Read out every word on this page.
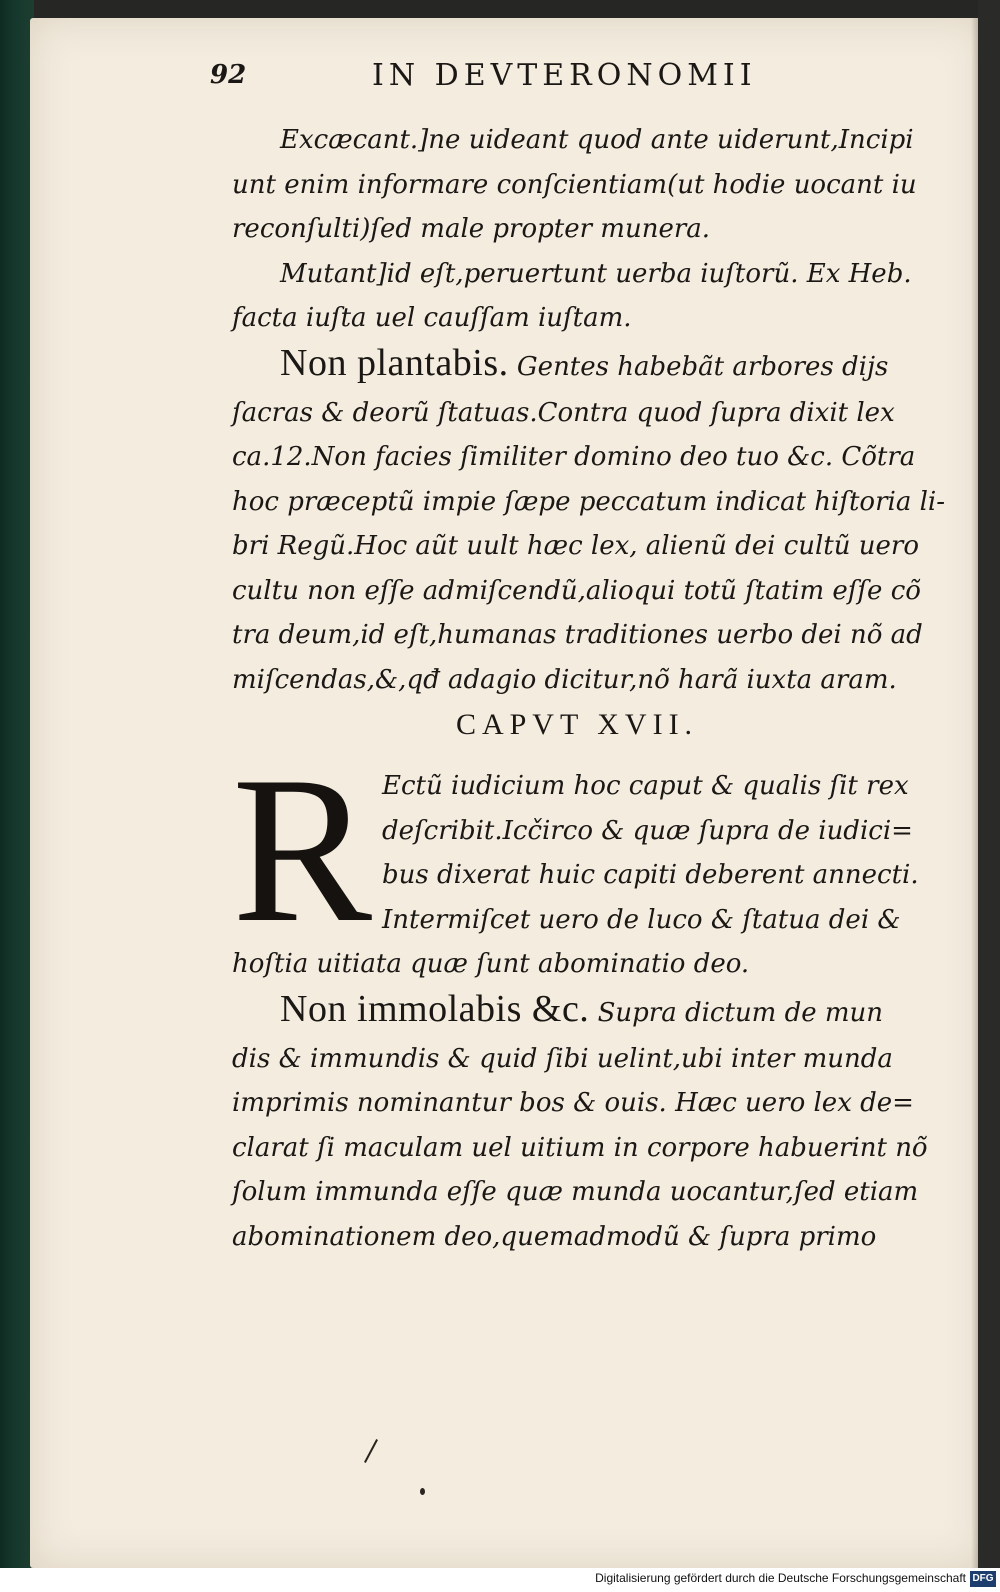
92	IN DEVTERONOMII
Excæcant.]ne uideant quod ante uiderunt,Incipi
unt enim informare conſcientiam(ut hodie uocant iu
reconſulti)ſed male propter munera.
Mutant]id eſt,peruertunt uerba iuſtorũ. Ex Heb.
facta iuſta uel cauſſam iuſtam.
Non plantabis. Gentes habebãt arbores dijs
ſacras & deorũ ſtatuas.Contra quod ſupra dixit lex
ca.12.Non facies ſimiliter domino deo tuo &c. Cõtra
hoc præceptũ impie ſæpe peccatum indicat hiſtoria li-
bri Regũ.Hoc aũt uult hæc lex, alienũ dei cultũ uero
cultu non eſſe admiſcendũ,alioqui totũ ſtatim eſſe cõ
tra deum,id eſt,humanas traditiones uerbo dei nõ ad
miſcendas,&,qđ adagio dicitur,nõ harã iuxta aram.
CAPVT XVII.
R Ectũ iudicium hoc caput & qualis ſit rex
deſcribit.Icčirco & quæ ſupra de iudici=
bus dixerat huic capiti deberent annecti.
Intermiſcet uero de luco & ſtatua dei &
hoſtia uitiata quæ ſunt abominatio deo.
Non immolabis &c. Supra dictum de mun
dis & immundis & quid ſibi uelint,ubi inter munda
imprimis nominantur bos & ouis. Hæc uero lex de=
clarat ſi maculam uel uitium in corpore habuerint nõ
ſolum immunda eſſe quæ munda uocantur,ſed etiam
abominationem deo,quemadmodũ & ſupra primo
Digitalisierung gefördert durch die Deutsche Forschungsgemeinschaft DFG
